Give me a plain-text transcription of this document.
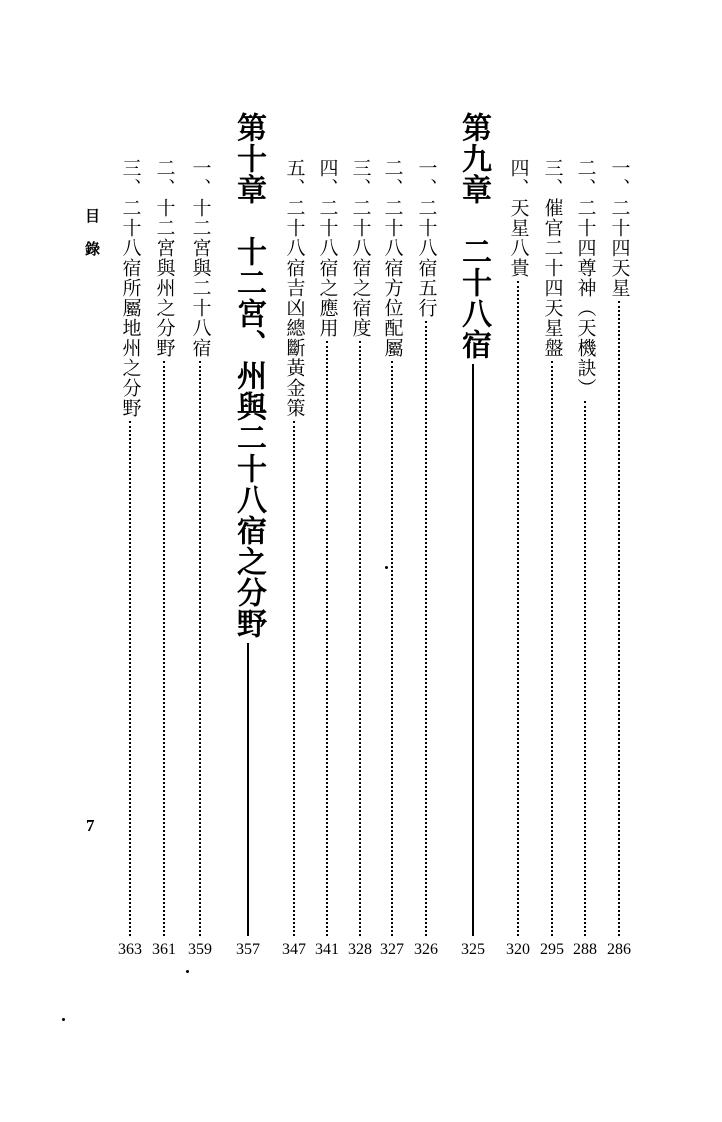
目錄
7
一、二十四天星
286
二、二十四尊神（天機訣）
288
三、催官二十四天星盤
295
四、天星八貴
320
第九章　二十八宿
325
一、二十八宿五行
326
二、二十八宿方位配屬
327
三、二十八宿之宿度
328
四、二十八宿之應用
341
五、二十八宿吉凶總斷黃金策
347
第十章　十二宮、州與二十八宿之分野
357
一、十二宮與二十八宿
359
二、十二宮與州之分野
361
三、二十八宿所屬地州之分野
363
